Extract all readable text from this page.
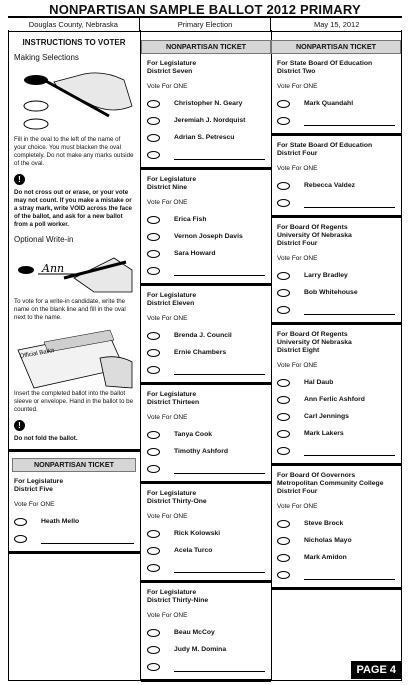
NONPARTISAN SAMPLE BALLOT 2012 PRIMARY
Douglas County, Nebraska	Primary Election	May 15, 2012
INSTRUCTIONS TO VOTER
Making Selections
Fill in the oval to the left of the name of your choice. You must blacken the oval completely. Do not make any marks outside of the oval.
!
Do not cross out or erase, or your vote may not count. If you make a mistake or a stray mark, write VOID across the face of the ballot, and ask for a new ballot from a poll worker.
Optional Write-in
Ann
To vote for a write-in candidate, write the name on the blank line and fill in the oval next to the name.
Official Ballot
Insert the completed ballot into the ballot sleeve or envelope. Hand in the ballot to be counted.
!
Do not fold the ballot.
NONPARTISAN TICKET
For Legislature
District Five
Vote For ONE
Heath Mello
NONPARTISAN TICKET
For Legislature
District Seven
Vote For ONE
Christopher N. Geary
Jeremiah J. Nordquist
Adrian S. Petrescu
For Legislature
District Nine
Vote For ONE
Erica Fish
Vernon Joseph Davis
Sara Howard
For Legislature
District Eleven
Vote For ONE
Brenda J. Council
Ernie Chambers
For Legislature
District Thirteen
Vote For ONE
Tanya Cook
Timothy Ashford
For Legislature
District Thirty-One
Vote For ONE
Rick Kolowski
Acela Turco
For Legislature
District Thirty-Nine
Vote For ONE
Beau McCoy
Judy M. Domina
NONPARTISAN TICKET
For State Board Of Education
District Two
Vote For ONE
Mark Quandahl
For State Board Of Education
District Four
Vote For ONE
Rebecca Valdez
For Board Of Regents
University Of Nebraska
District Four
Vote For ONE
Larry Bradley
Bob Whitehouse
For Board Of Regents
University Of Nebraska
District Eight
Vote For ONE
Hal Daub
Ann Ferlic Ashford
Carl Jennings
Mark Lakers
For Board Of Governors
Metropolitan Community College
District Four
Vote For ONE
Steve Brock
Nicholas Mayo
Mark Amidon
PAGE 4
